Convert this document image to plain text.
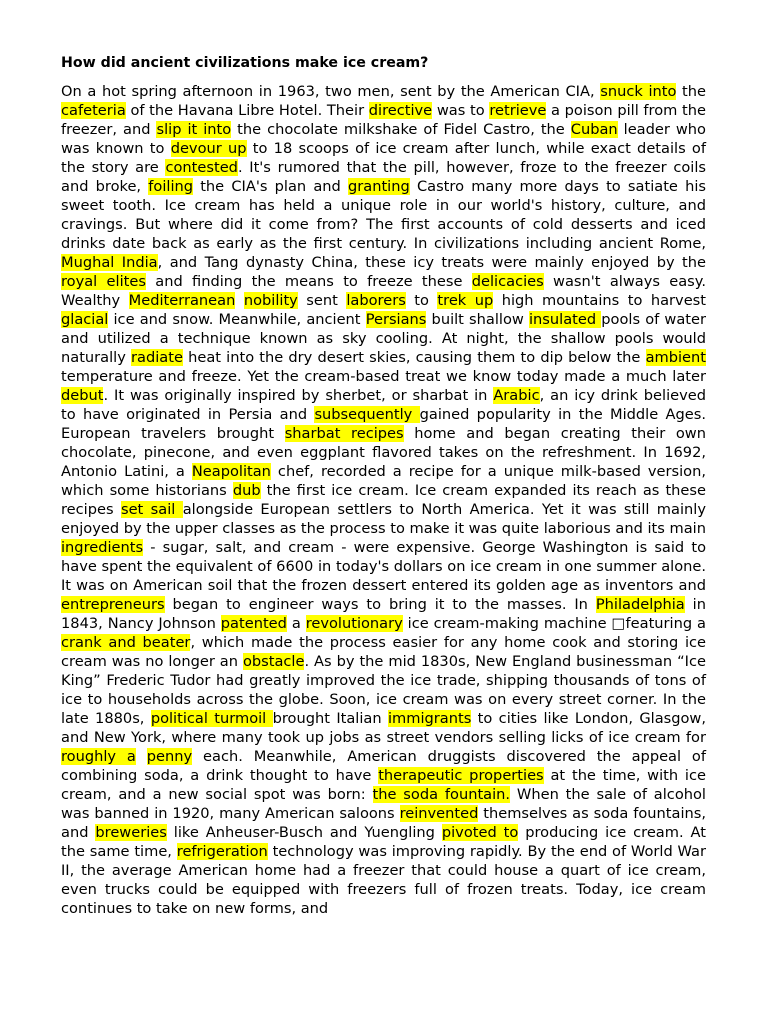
How did ancient civilizations make ice cream?

On a hot spring afternoon in 1963, two men, sent by the American CIA, snuck into the cafeteria of the Havana Libre Hotel. Their directive was to retrieve a poison pill from the freezer, and slip it into the chocolate milkshake of Fidel Castro, the Cuban leader who was known to devour up to 18 scoops of ice cream after lunch, while exact details of the story are contested. It's rumored that the pill, however, froze to the freezer coils and broke, foiling the CIA's plan and granting Castro many more days to satiate his sweet tooth. Ice cream has held a unique role in our world's history, culture, and cravings. But where did it come from? The first accounts of cold desserts and iced drinks date back as early as the first century. In civilizations including ancient Rome, Mughal India, and Tang dynasty China, these icy treats were mainly enjoyed by the royal elites and finding the means to freeze these delicacies wasn't always easy. Wealthy Mediterranean nobility sent laborers to trek up high mountains to harvest glacial ice and snow. Meanwhile, ancient Persians built shallow insulated pools of water and utilized a technique known as sky cooling. At night, the shallow pools would naturally radiate heat into the dry desert skies, causing them to dip below the ambient temperature and freeze. Yet the cream-based treat we know today made a much later debut. It was originally inspired by sherbet, or sharbat in Arabic, an icy drink believed to have originated in Persia and subsequently gained popularity in the Middle Ages. European travelers brought sharbat recipes home and began creating their own chocolate, pinecone, and even eggplant flavored takes on the refreshment. In 1692, Antonio Latini, a Neapolitan chef, recorded a recipe for a unique milk-based version, which some historians dub the first ice cream. Ice cream expanded its reach as these recipes set sail alongside European settlers to North America. Yet it was still mainly enjoyed by the upper classes as the process to make it was quite laborious and its main ingredients - sugar, salt, and cream - were expensive. George Washington is said to have spent the equivalent of 6600 in today's dollars on ice cream in one summer alone. It was on American soil that the frozen dessert entered its golden age as inventors and entrepreneurs began to engineer ways to bring it to the masses. In Philadelphia in 1843, Nancy Johnson patented a revolutionary ice cream-making machine □featuring a crank and beater, which made the process easier for any home cook and storing ice cream was no longer an obstacle. As by the mid 1830s, New England businessman “Ice King” Frederic Tudor had greatly improved the ice trade, shipping thousands of tons of ice to households across the globe. Soon, ice cream was on every street corner. In the late 1880s, political turmoil brought Italian immigrants to cities like London, Glasgow, and New York, where many took up jobs as street vendors selling licks of ice cream for roughly a penny each. Meanwhile, American druggists discovered the appeal of combining soda, a drink thought to have therapeutic properties at the time, with ice cream, and a new social spot was born: the soda fountain. When the sale of alcohol was banned in 1920, many American saloons reinvented themselves as soda fountains, and breweries like Anheuser-Busch and Yuengling pivoted to producing ice cream. At the same time, refrigeration technology was improving rapidly. By the end of World War II, the average American home had a freezer that could house a quart of ice cream, even trucks could be equipped with freezers full of frozen treats. Today, ice cream continues to take on new forms, and
